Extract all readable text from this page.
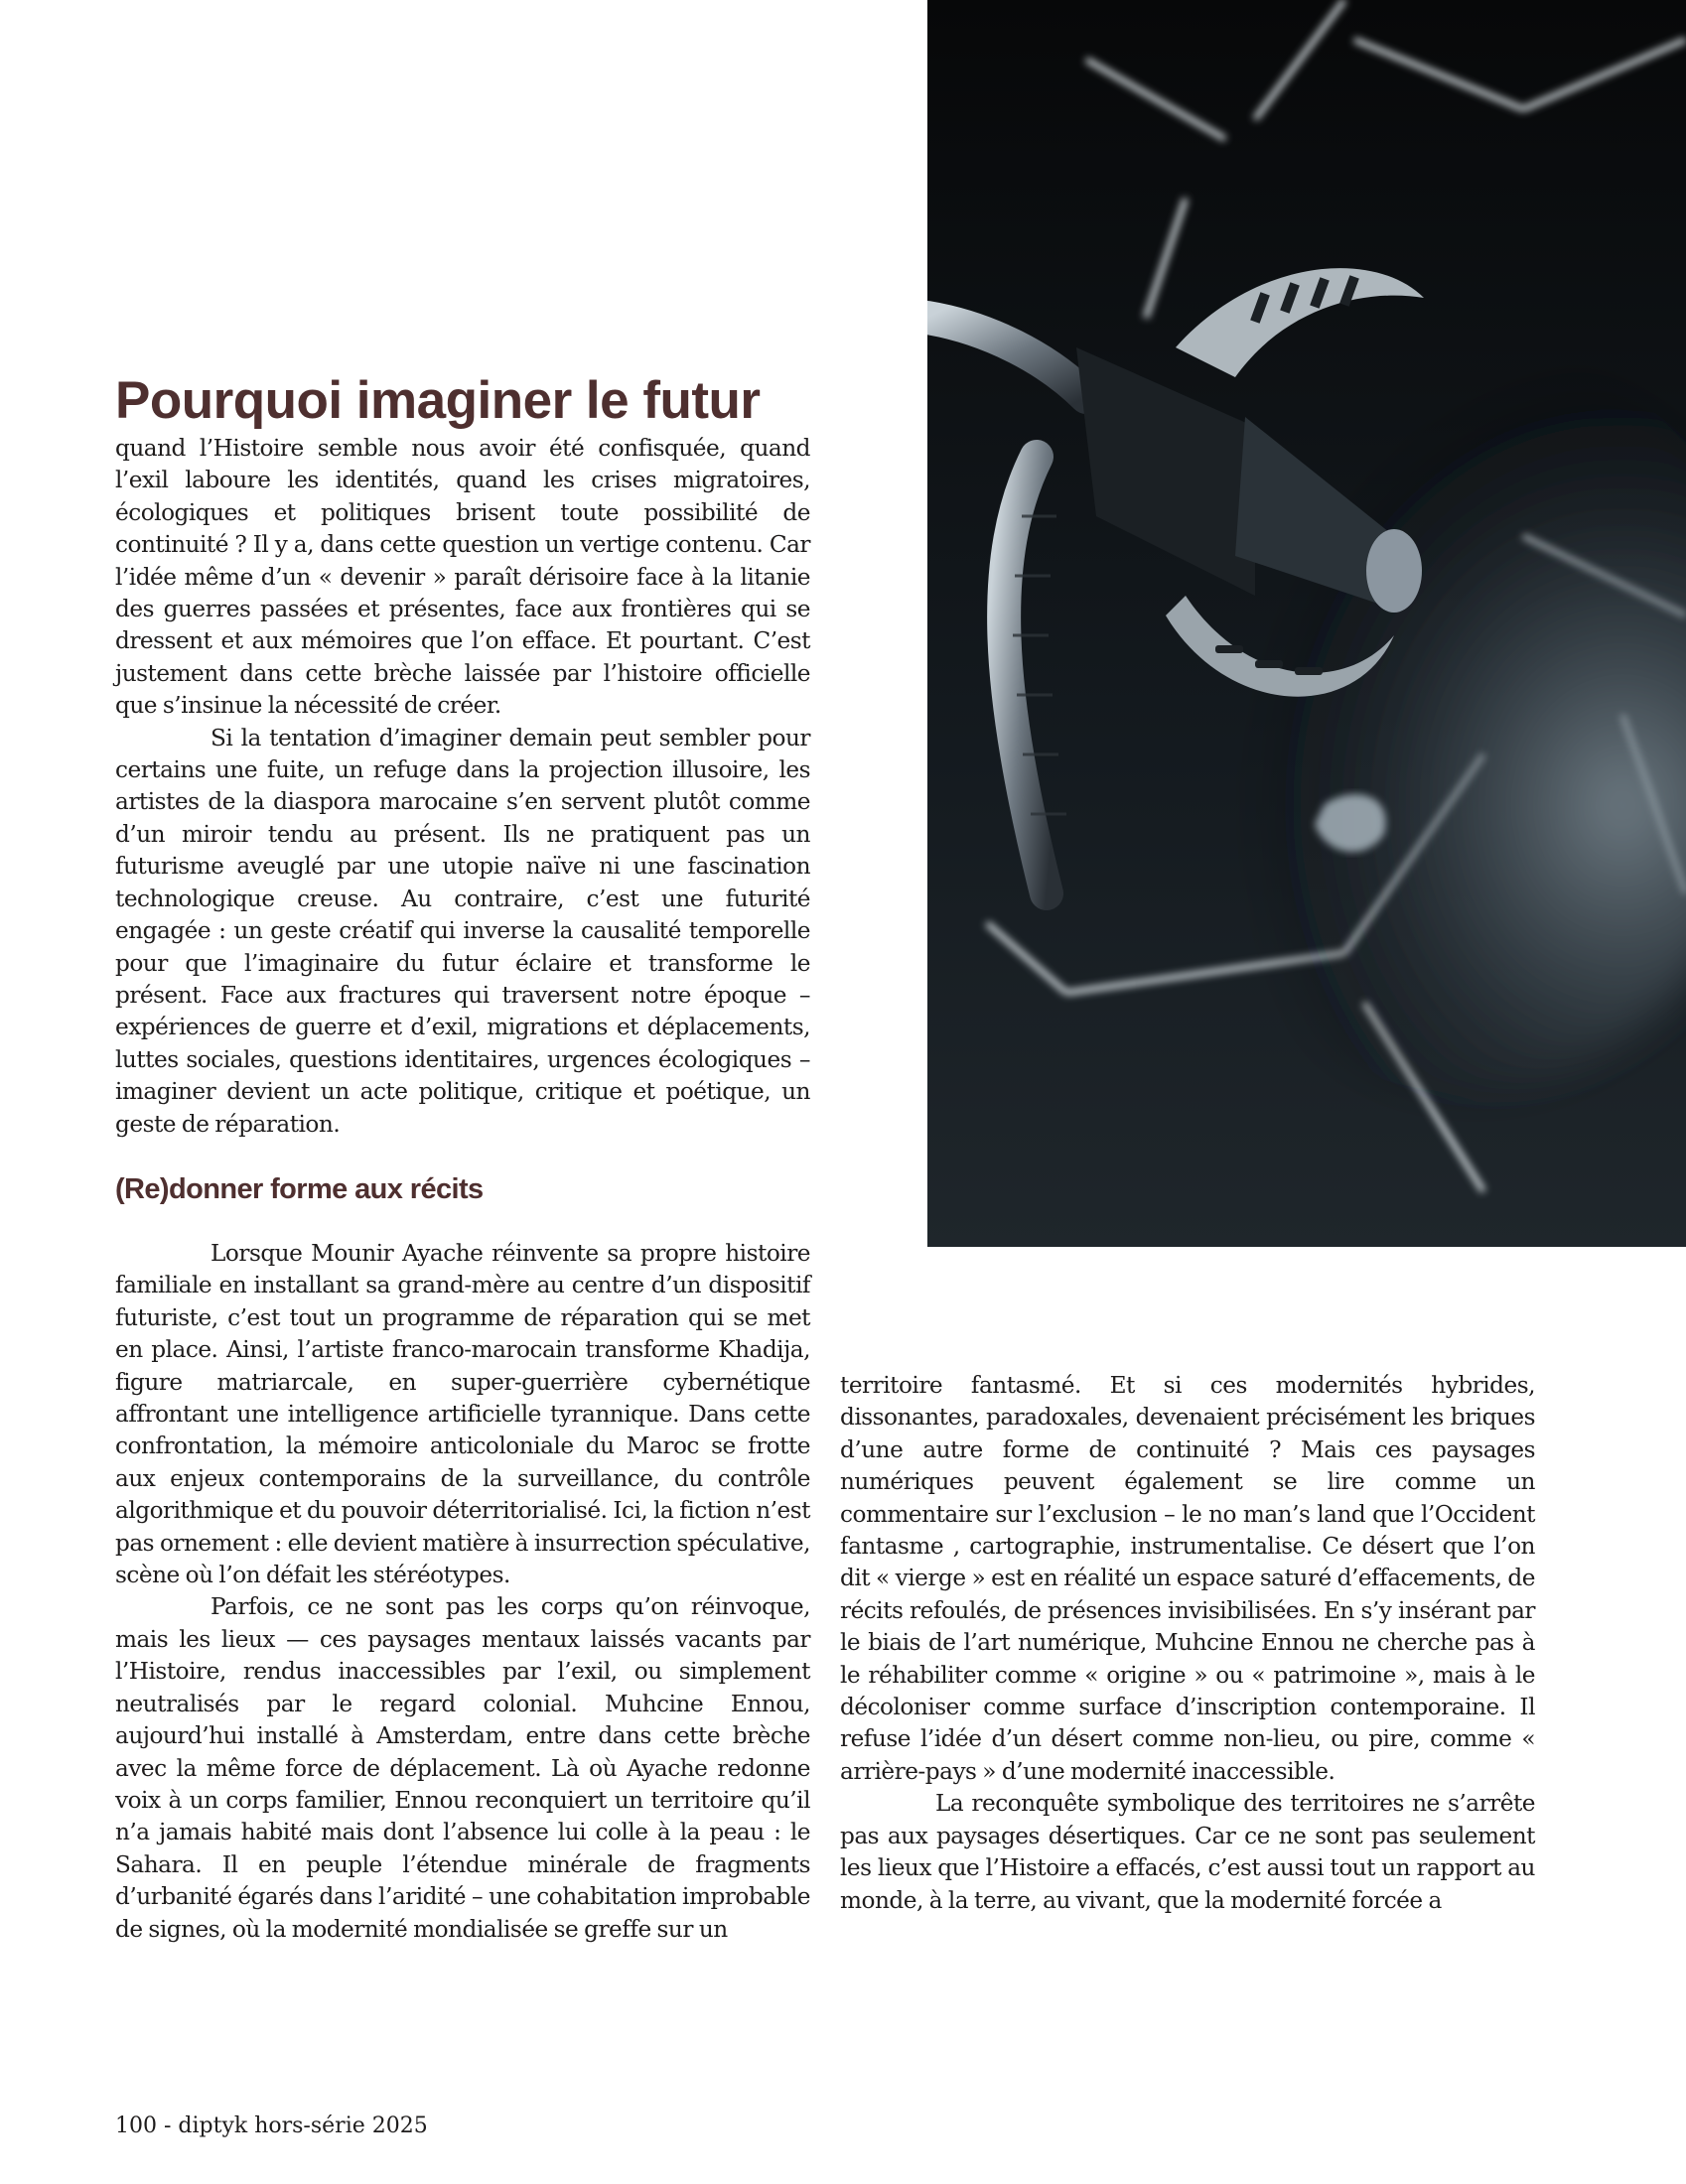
Pourquoi imaginer le futur

quand l’Histoire semble nous avoir été confisquée, quand l’exil laboure les identités, quand les crises migratoires, écologiques et politiques brisent toute possibilité de continuité ? Il y a, dans cette question un vertige contenu. Car l’idée même d’un « devenir » paraît dérisoire face à la litanie des guerres passées et présentes, face aux frontières qui se dressent et aux mémoires que l’on efface. Et pourtant. C’est justement dans cette brèche laissée par l’histoire officielle que s’insinue la nécessité de créer.

Si la tentation d’imaginer demain peut sembler pour certains une fuite, un refuge dans la projection illusoire, les artistes de la diaspora marocaine s’en servent plutôt comme d’un miroir tendu au présent. Ils ne pratiquent pas un futurisme aveuglé par une utopie naïve ni une fascination technologique creuse. Au contraire, c’est une futurité engagée : un geste créatif qui inverse la causalité temporelle pour que l’imaginaire du futur éclaire et transforme le présent. Face aux fractures qui traversent notre époque – expériences de guerre et d’exil, migrations et déplacements, luttes sociales, questions identitaires, urgences écologiques – imaginer devient un acte politique, critique et poétique, un geste de réparation.

(Re)donner forme aux récits

Lorsque Mounir Ayache réinvente sa propre histoire familiale en installant sa grand-mère au centre d’un dispositif futuriste, c’est tout un programme de réparation qui se met en place. Ainsi, l’artiste franco-marocain transforme Khadija, figure matriarcale, en super-guerrière cybernétique affrontant une intelligence artificielle tyrannique. Dans cette confrontation, la mémoire anticoloniale du Maroc se frotte aux enjeux contemporains de la surveillance, du contrôle algorithmique et du pouvoir déterritorialisé. Ici, la fiction n’est pas ornement : elle devient matière à insurrection spéculative, scène où l’on défait les stéréotypes.

Parfois, ce ne sont pas les corps qu’on réinvoque, mais les lieux — ces paysages mentaux laissés vacants par l’Histoire, rendus inaccessibles par l’exil, ou simplement neutralisés par le regard colonial. Muhcine Ennou, aujourd’hui installé à Amsterdam, entre dans cette brèche avec la même force de déplacement. Là où Ayache redonne voix à un corps familier, Ennou reconquiert un territoire qu’il n’a jamais habité mais dont l’absence lui colle à la peau : le Sahara. Il en peuple l’étendue minérale de fragments d’urbanité égarés dans l’aridité – une cohabitation improbable de signes, où la modernité mondialisée se greffe sur un

territoire fantasmé. Et si ces modernités hybrides, dissonantes, paradoxales, devenaient précisément les briques d’une autre forme de continuité ? Mais ces paysages numériques peuvent également se lire comme un commentaire sur l’exclusion – le no man’s land que l’Occident fantasme , cartographie, instrumentalise. Ce désert que l’on dit « vierge » est en réalité un espace saturé d’effacements, de récits refoulés, de présences invisibilisées. En s’y insérant par le biais de l’art numérique, Muhcine Ennou ne cherche pas à le réhabiliter comme « origine » ou « patrimoine », mais à le décoloniser comme surface d’inscription contemporaine. Il refuse l’idée d’un désert comme non-lieu, ou pire, comme « arrière-pays » d’une modernité inaccessible.

La reconquête symbolique des territoires ne s’arrête pas aux paysages désertiques. Car ce ne sont pas seulement les lieux que l’Histoire a effacés, c’est aussi tout un rapport au monde, à la terre, au vivant, que la modernité forcée a

100 - diptyk hors-série 2025
